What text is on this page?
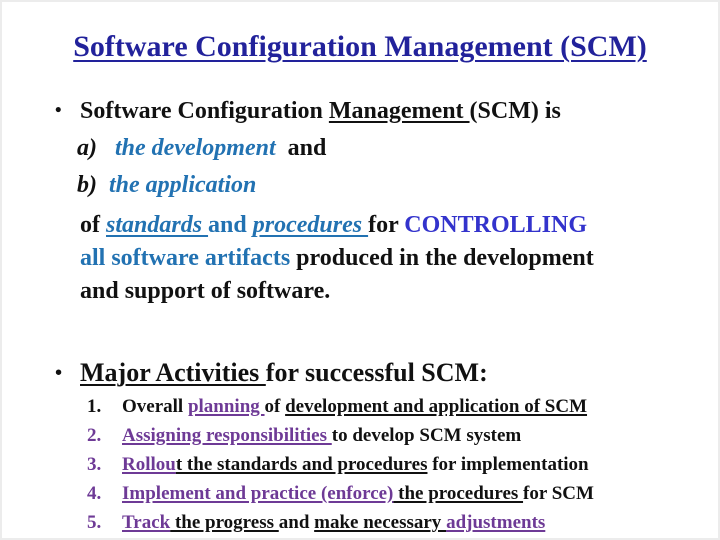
Software Configuration Management (SCM)
• Software Configuration Management (SCM) is
a)   the development  and
b)  the application
of standards and procedures for CONTROLLING
all software artifacts produced in the development
and support of software.
• Major Activities for successful SCM:
1. Overall planning of development and application of SCM
2. Assigning responsibilities to develop SCM system
3. Rollout the standards and procedures for implementation
4. Implement and practice (enforce) the procedures for SCM
5. Track the progress and make necessary adjustments
